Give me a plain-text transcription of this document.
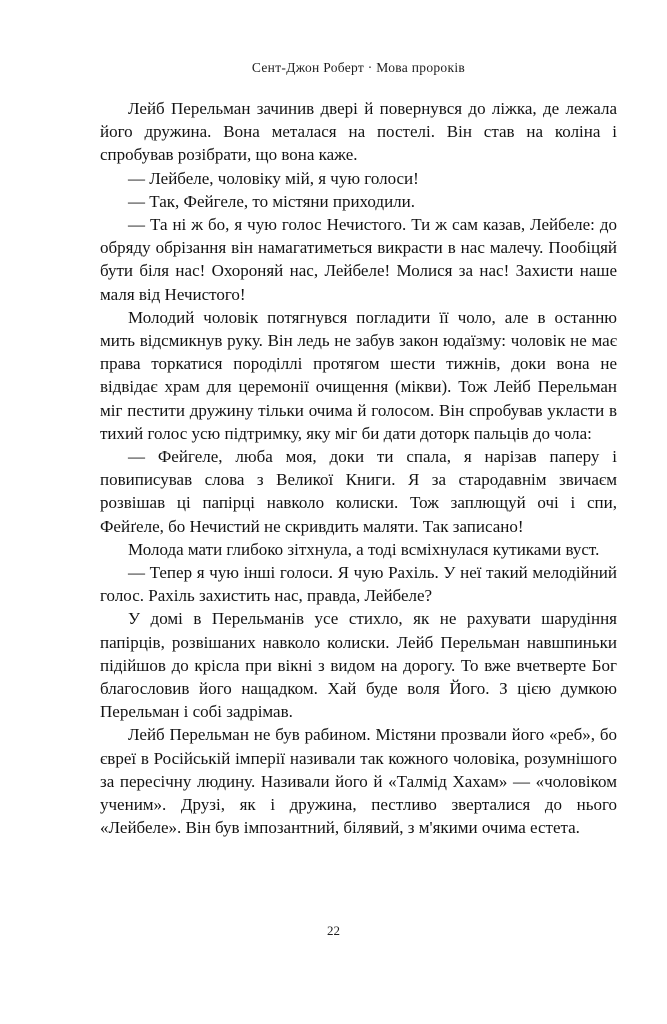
Сент-Джон Роберт · Мова пророків

Лейб Перельман зачинив двері й повернувся до ліжка, де лежала його дружина. Вона металася на постелі. Він став на коліна і спробував розібрати, що вона каже.

— Лейбеле, чоловіку мій, я чую голоси!

— Так, Фейгеле, то містяни приходили.

— Та ні ж бо, я чую голос Нечистого. Ти ж сам казав, Лейбеле: до обряду обрізання він намагатиметься викрасти в нас малечу. Пообіцяй бути біля нас! Охороняй нас, Лейбеле! Молися за нас! Захисти наше маля від Нечистого!

Молодий чоловік потягнувся погладити її чоло, але в останню мить відсмикнув руку. Він ледь не забув закон юдаїзму: чоловік не має права торкатися породіллі протягом шести тижнів, доки вона не відвідає храм для церемонії очищення (мікви). Тож Лейб Перельман міг пестити дружину тільки очима й голосом. Він спробував укласти в тихий голос усю підтримку, яку міг би дати доторк пальців до чола:

— Фейгеле, люба моя, доки ти спала, я нарізав паперу і повиписував слова з Великої Книги. Я за стародавнім звичаєм розвішав ці папірці навколо колиски. Тож заплющуй очі і спи, Фейґеле, бо Нечистий не скривдить маляти. Так записано!

Молода мати глибоко зітхнула, а тоді всміхнулася кутиками вуст.

— Тепер я чую інші голоси. Я чую Рахіль. У неї такий мелодійний голос. Рахіль захистить нас, правда, Лейбеле?

У домі в Перельманів усе стихло, як не рахувати шарудіння папірців, розвішаних навколо колиски. Лейб Перельман навшпиньки підійшов до крісла при вікні з видом на дорогу. То вже вчетверте Бог благословив його нащадком. Хай буде воля Його. З цією думкою Перельман і собі задрімав.

Лейб Перельман не був рабином. Містяни прозвали його «реб», бо євреї в Російській імперії називали так кожного чоловіка, розумнішого за пересічну людину. Називали його й «Талмід Хахам» — «чоловіком ученим». Друзі, як і дружина, пестливо зверталися до нього «Лейбеле». Він був імпозантний, білявий, з м'якими очима естета.

22
